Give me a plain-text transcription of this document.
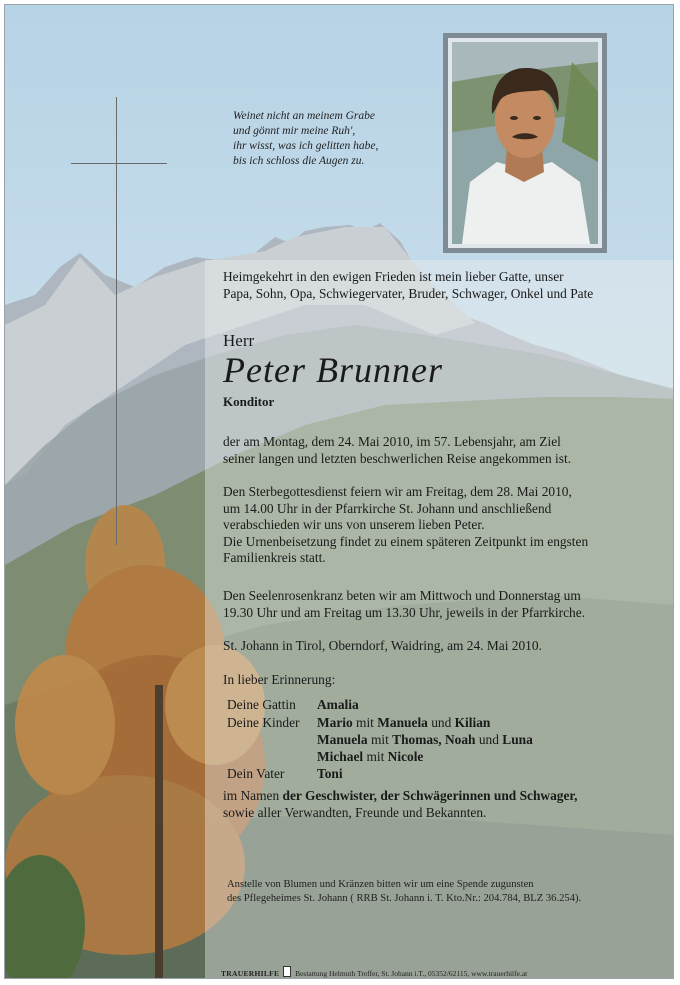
Weinet nicht an meinem Grabe
und gönnt mir meine Ruh',
ihr wisst, was ich gelitten habe,
bis ich schloss die Augen zu.
Heimgekehrt in den ewigen Frieden ist mein lieber Gatte, unser
Papa, Sohn, Opa, Schwiegervater, Bruder, Schwager, Onkel und Pate
Herr
Peter Brunner
Konditor
der am Montag, dem 24. Mai 2010, im 57. Lebensjahr, am Ziel
seiner langen und letzten beschwerlichen Reise angekommen ist.
Den Sterbegottesdienst feiern wir am Freitag, dem 28. Mai 2010,
um 14.00 Uhr in der Pfarrkirche St. Johann und anschließend
verabschieden wir uns von unserem lieben Peter.
Die Urnenbeisetzung findet zu einem späteren Zeitpunkt im engsten
Familienkreis statt.
Den Seelenrosenkranz beten wir am Mittwoch und Donnerstag um
19.30 Uhr und am Freitag um 13.30 Uhr, jeweils in der Pfarrkirche.
St. Johann in Tirol, Oberndorf, Waidring, am 24. Mai 2010.
In lieber Erinnerung:
Deine Gattin Amalia
Deine Kinder Mario mit Manuela und Kilian
Manuela mit Thomas, Noah und Luna
Michael mit Nicole
Dein Vater Toni
im Namen der Geschwister, der Schwägerinnen und Schwager,
sowie aller Verwandten, Freunde und Bekannten.
Anstelle von Blumen und Kränzen bitten wir um eine Spende zugunsten
des Pflegeheimes St. Johann ( RRB St. Johann i. T. Kto.Nr.: 204.784, BLZ 36.254).
TRAUERHILFE Bestattung Helmuth Treffer, St. Johann i.T., 05352/62115, www.trauerhilfe.at
